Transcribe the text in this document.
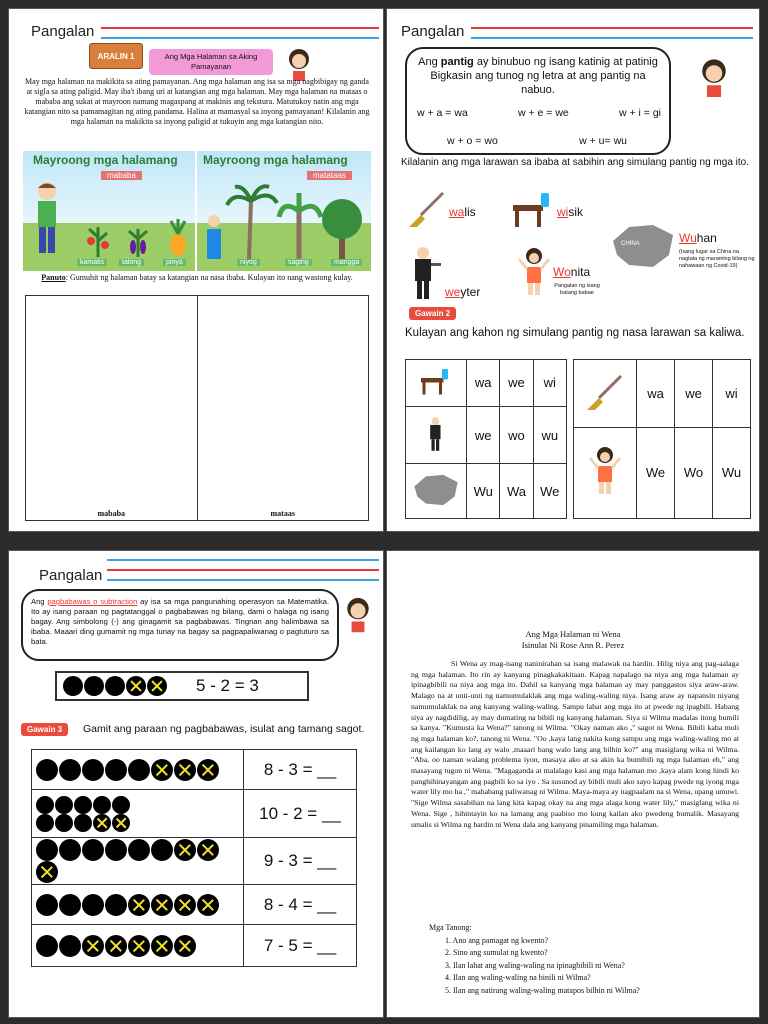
Pangalan
ARALIN 1	Ang Mga Halaman sa Aking Pamayanan
May mga halaman na makikita sa ating pamayanan. Ang mga halaman ang isa sa mga nagbibigay ng ganda at sigla sa ating paligid. May iba't ibang uri at katangian ang mga halaman. May mga halaman na mataas o mababa ang sukat at mayroon namang magaspang at makinis ang tekstura. Matutukoy natin ang mga katangian nito sa pamamagitan ng ating pandama. Halina at mamasyal sa inyong pamayanan! Kilalanin ang mga halaman na makikita sa inyong paligid at tukuyin ang mga katangian nito.
Mayroong mga halamang
mababa
kamatis	talong	pinya
Mayroong mga halamang
matataas
niyog	saging	mangga
Panuto: Gumuhit ng halaman batay sa katangian na nasa ibaba. Kulayan ito nang wastong kulay.
mababa	mataas
Pangalan
Ang pantig ay binubuo ng isang katinig at patinig Bigkasin ang tunog ng letra at ang pantig na nabuo.
w + a = wa	w + e = we	w + i = gi
w + o = wo	w + u= wu
Kilalanin ang mga larawan sa ibaba at sabihin ang simulang pantig ng mga ito.
walis	wisik
CHINA	Wuhan
(Isang lugar sa China na nagtala ng maraming bilang ng nahawaan ng Covid-19)
weyter
Wonita
Pangalan ng isang batang babae
Gawain 2
Kulayan ang kahon ng simulang pantig ng nasa larawan sa kaliwa.
	wa	we	wi
	we	wo	wu
	Wu	Wa	We
	wa	we	wi
	We	Wo	Wu
Pangalan
Ang pagbabawas o subtraction ay isa sa mga pangunahing operasyon sa Matematika. Ito ay isang paraan ng pagtatanggal o pagbabawas ng bilang, dami o halaga ng isang bagay. Ang simbolong (-) ang ginagamit sa pagbabawas. Tingnan ang halimbawa sa ibaba. Maaari ding gumamit ng mga tunay na bagay sa pagpapaliwanag o pagtuturo sa bata.
5 - 2 = 3
Gawain 3	Gamit ang paraan ng pagbabawas, isulat ang tamang sagot.
	8 - 3 = __

	10 - 2 = __
	9 - 3 = __
	8 - 4 = __
	7 - 5 = __
Ang Mga Halaman ni Wena
Isinulat Ni Rose Ann R. Perez
Si Wena ay mag-isang naninirahan sa isang malawak na hardin. Hilig niya ang pag-aalaga ng mga halaman. Ito rin ay kanyang pinagkakakitaan. Kapag napalago na niya ang mga halaman ay ipinagbibili na niya ang mga ito. Dahil sa kanyang mga halaman ay may panggastos siya araw-araw. Malago na at unti-unti ng namumulaklak ang mga waling-waling niya. Isang araw ay napansin niyang namumulaklak na ang kanyang waling-waling. Sampu lahat ang mga ito at pwede ng ipagbili. Habang siya ay nagdidilig, ay may dumating na bibili ng kanyang halaman. Siya si Wilma madalas itong bumili sa kanya. "Kumusta ka Wena?" tanong ni Wilma. "Okay naman ako ," sagot ni Wena. Bibili kaba muli ng mga halaman ko?, tanong ni Wena. "Oo ,kaya lang nakita kong sampu ang mga waling-waling mo at ang kailangan ko lang ay walo ,maaari bang walo lang ang bilhin ko?" ang masiglang wika ni Wilma. "Aba, oo naman walang problema iyon, masaya ako at sa akin ka bumibili ng mga halaman eh," ang masayang tugon ni Wena. "Magaganda at malalago kasi ang mga halaman mo ,kaya alam kong hindi ko panghihinayangan ang pagbili ko sa iyo . Sa susunod ay bibili muli ako sayo kapag pwede ng iyong mga water lily mo ha ," mahabang paliwanag ni Wilma. Maya-maya ay nagpaalam na si Wena, upang umuwi. "Sige Wilma sasabihan na lang kita kapag okay na ang mga alaga kong water lily," masiglang wika ni Wena. Sige , hihintayin ko na lamang ang paabiso mo kung kailan ako pwedeng bumalik. Masayang umalis si Wilma ng hardin ni Wena dala ang kanyang pinamiling mga halaman.
Mga Tanong:
1. Ano ang pamagat ng kwento?
2. Sino ang sumulat ng kwento?
3. Ilan lahat ang waling-waling na ipinagbibili ni Wena?
4. Ilan ang waling-waling na binili ni Wilma?
5. Ilan ang natirang waling-waling matapos bilhin ni Wilma?
